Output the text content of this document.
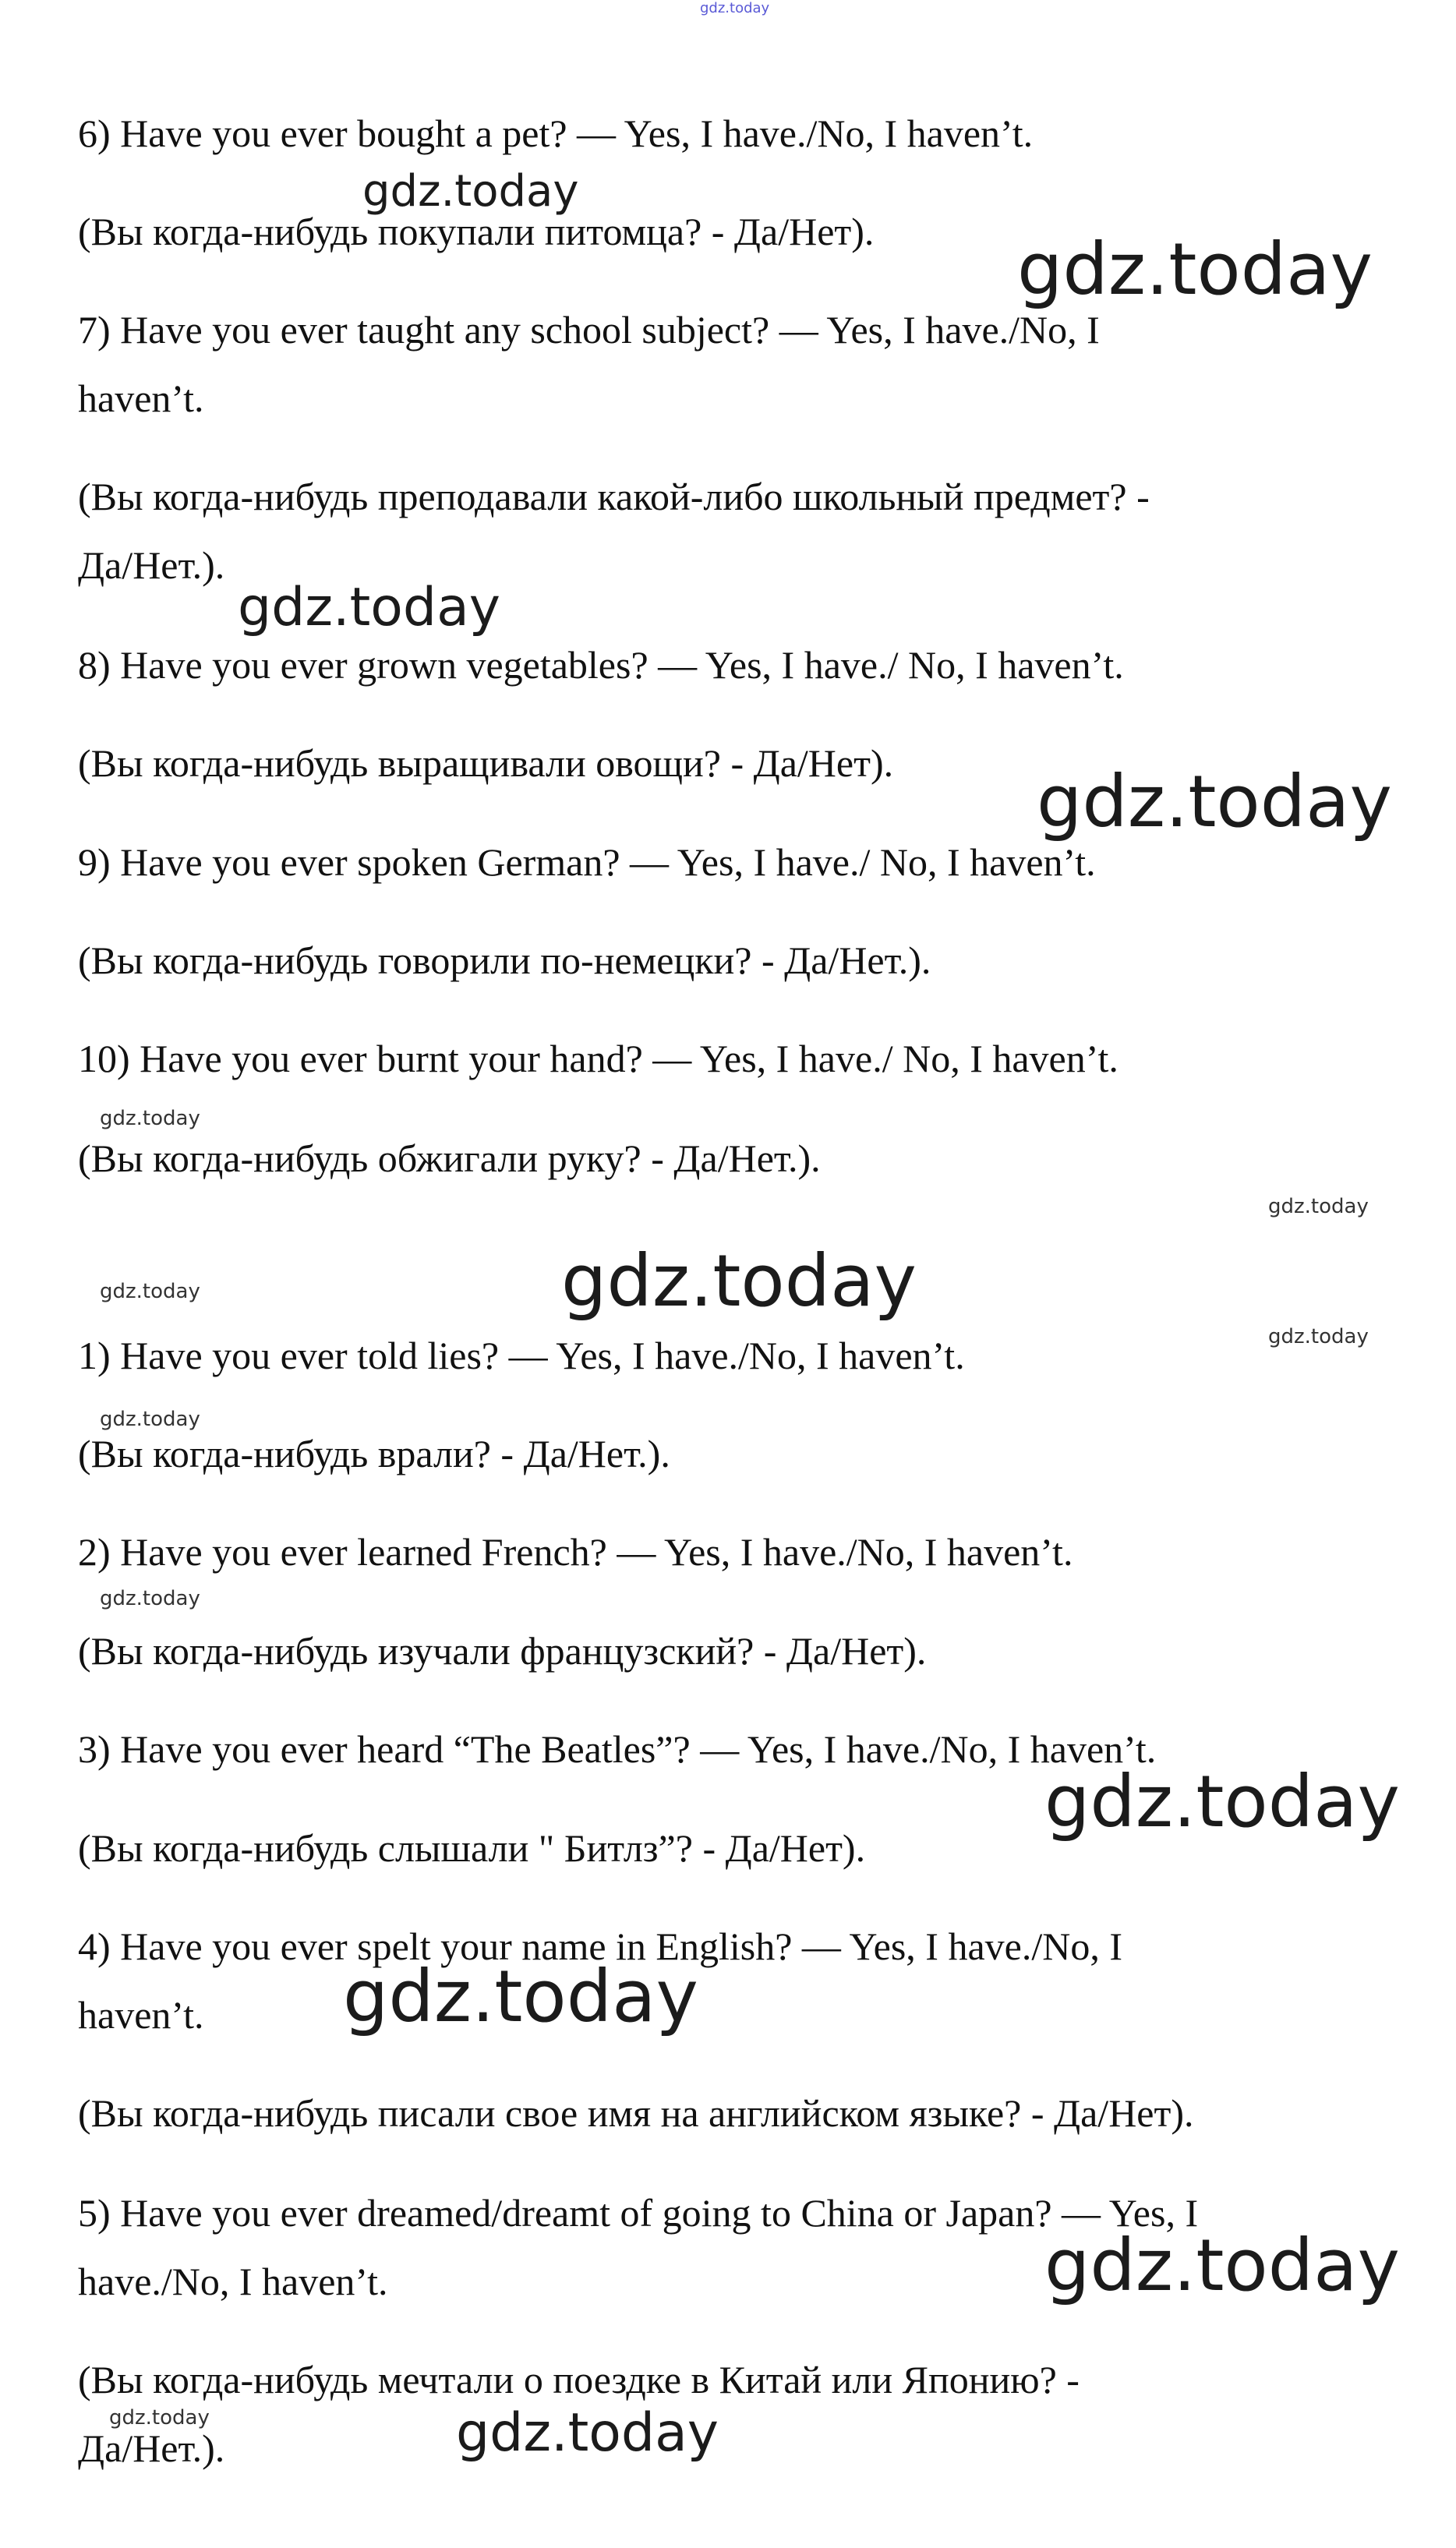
gdz.today
6) Have you ever bought a pet? — Yes, I have./No, I haven’t.
(Вы когда-нибудь покупали питомца? - Да/Нет).
7) Have you ever taught any school subject? — Yes, I have./No, I
haven’t.
(Вы когда-нибудь преподавали какой-либо школьный предмет? -
Да/Нет.).
8) Have you ever grown vegetables? — Yes, I have./ No, I haven’t.
(Вы когда-нибудь выращивали овощи? - Да/Нет).
9) Have you ever spoken German? — Yes, I have./ No, I haven’t.
(Вы когда-нибудь говорили по-немецки? - Да/Нет.).
10) Have you ever burnt your hand? — Yes, I have./ No, I haven’t.
(Вы когда-нибудь обжигали руку? - Да/Нет.).
1) Have you ever told lies? — Yes, I have./No, I haven’t.
(Вы когда-нибудь врали? - Да/Нет.).
2) Have you ever learned French? — Yes, I have./No, I haven’t.
(Вы когда-нибудь изучали французский? - Да/Нет).
3) Have you ever heard “The Beatles”? — Yes, I have./No, I haven’t.
(Вы когда-нибудь слышали " Битлз”? - Да/Нет).
4) Have you ever spelt your name in English? — Yes, I have./No, I
haven’t.
(Вы когда-нибудь писали свое имя на английском языке? - Да/Нет).
5) Have you ever dreamed/dreamt of going to China or Japan? — Yes, I
have./No, I haven’t.
(Вы когда-нибудь мечтали о поездке в Китай или Японию? -
Да/Нет.).
gdz.today
gdz.today
gdz.today
gdz.today
gdz.today
gdz.today
gdz.today
gdz.today
gdz.today
gdz.today
gdz.today
gdz.today
gdz.today
gdz.today
gdz.today	gdz.today
